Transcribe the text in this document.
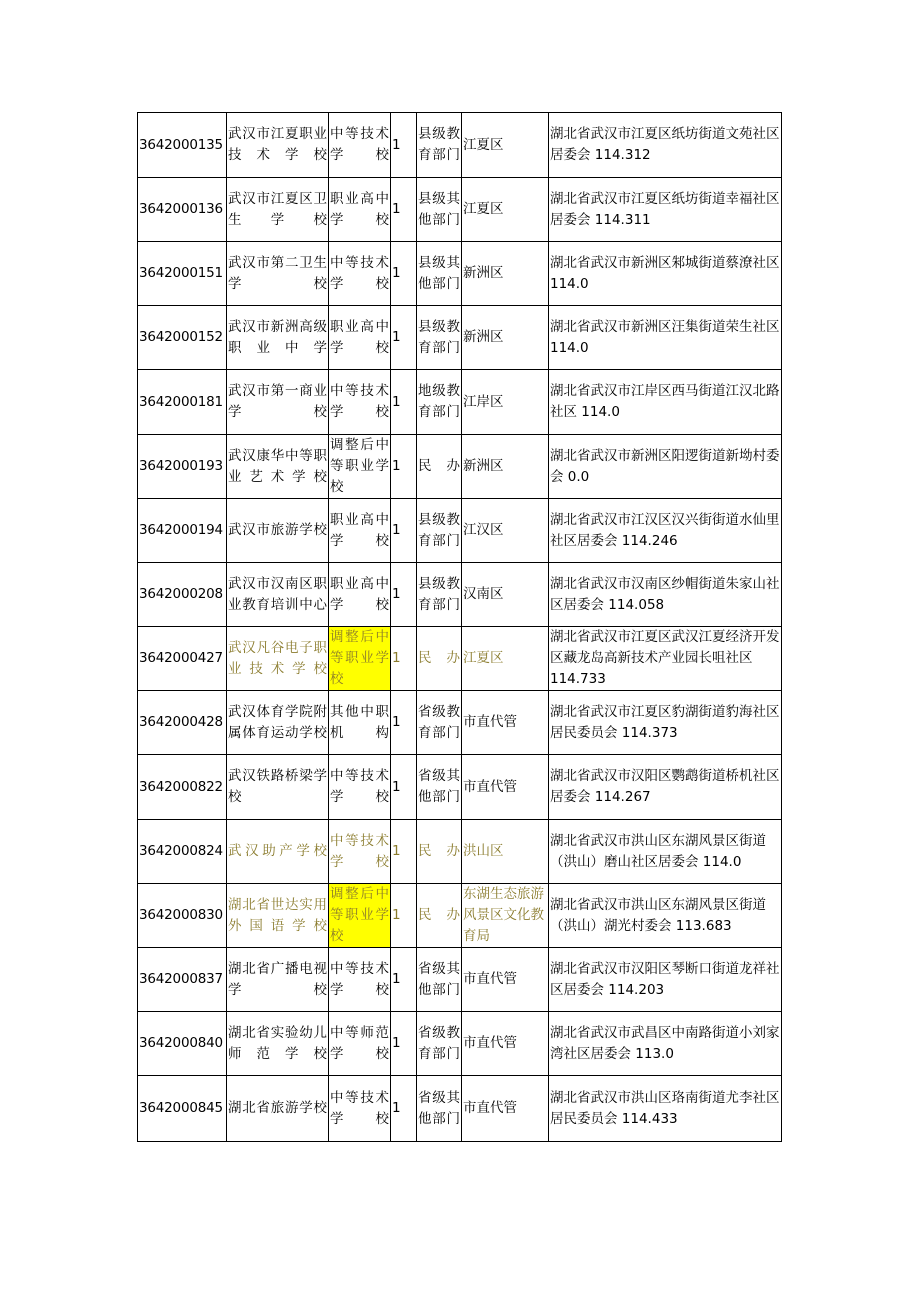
3642000135	武汉市江夏职业技术学校	中等技术学校	1	县级教育部门	江夏区	湖北省武汉市江夏区纸坊街道文苑社区居委会 114.312
3642000136	武汉市江夏区卫生学校	职业高中学校	1	县级其他部门	江夏区	湖北省武汉市江夏区纸坊街道幸福社区居委会 114.311
3642000151	武汉市第二卫生学校	中等技术学校	1	县级其他部门	新洲区	湖北省武汉市新洲区邾城街道蔡潦社区 114.0
3642000152	武汉市新洲高级职业中学	职业高中学校	1	县级教育部门	新洲区	湖北省武汉市新洲区汪集街道荣生社区 114.0
3642000181	武汉市第一商业学校	中等技术学校	1	地级教育部门	江岸区	湖北省武汉市江岸区西马街道江汉北路社区 114.0
3642000193	武汉康华中等职业艺术学校	调整后中等职业学校	1	民办	新洲区	湖北省武汉市新洲区阳逻街道新坳村委会 0.0
3642000194	武汉市旅游学校	职业高中学校	1	县级教育部门	江汉区	湖北省武汉市江汉区汉兴街街道水仙里社区居委会 114.246
3642000208	武汉市汉南区职业教育培训中心	职业高中学校	1	县级教育部门	汉南区	湖北省武汉市汉南区纱帽街道朱家山社区居委会 114.058
3642000427	武汉凡谷电子职业技术学校	调整后中等职业学校	1	民办	江夏区	湖北省武汉市江夏区武汉江夏经济开发区藏龙岛高新技术产业园长咀社区 114.733
3642000428	武汉体育学院附属体育运动学校	其他中职机构	1	省级教育部门	市直代管	湖北省武汉市江夏区豹湖街道豹海社区居民委员会 114.373
3642000822	武汉铁路桥梁学校	中等技术学校	1	省级其他部门	市直代管	湖北省武汉市汉阳区鹦鹉街道桥机社区居委会 114.267
3642000824	武汉助产学校	中等技术学校	1	民办	洪山区	湖北省武汉市洪山区东湖风景区街道（洪山）磨山社区居委会 114.0
3642000830	湖北省世达实用外国语学校	调整后中等职业学校	1	民办	东湖生态旅游风景区文化教育局	湖北省武汉市洪山区东湖风景区街道（洪山）湖光村委会 113.683
3642000837	湖北省广播电视学校	中等技术学校	1	省级其他部门	市直代管	湖北省武汉市汉阳区琴断口街道龙祥社区居委会 114.203
3642000840	湖北省实验幼儿师范学校	中等师范学校	1	省级教育部门	市直代管	湖北省武汉市武昌区中南路街道小刘家湾社区居委会 113.0
3642000845	湖北省旅游学校	中等技术学校	1	省级其他部门	市直代管	湖北省武汉市洪山区珞南街道尤李社区居民委员会 114.433
